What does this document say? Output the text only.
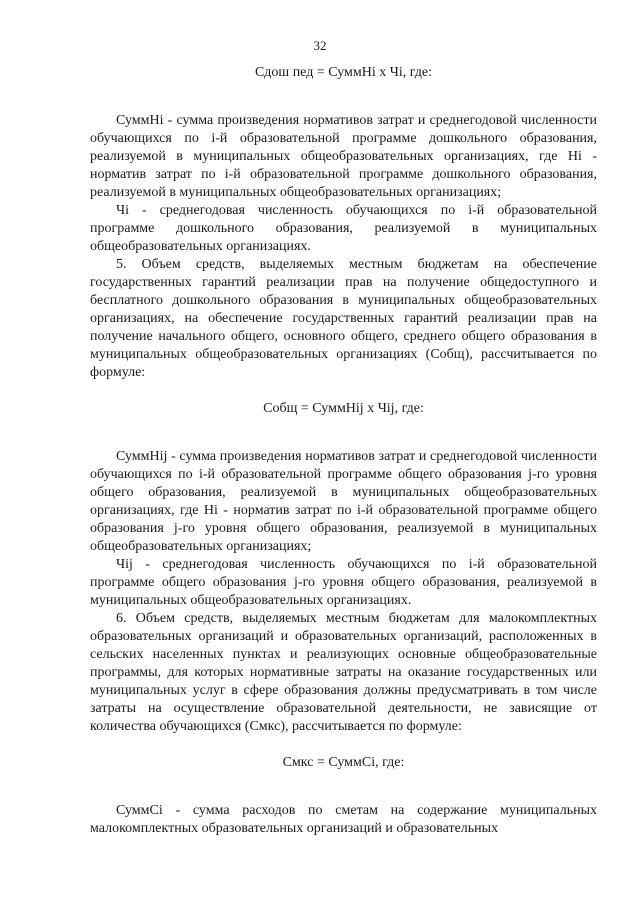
32

Сдош пед = СуммHi x Чi, где:

СуммHi - сумма произведения нормативов затрат и среднегодовой численности обучающихся по i-й образовательной программе дошкольного образования, реализуемой в муниципальных общеобразовательных организациях, где Hi - норматив затрат по i-й образовательной программе дошкольного образования, реализуемой в муниципальных общеобразовательных организациях;

Чi - среднегодовая численность обучающихся по i-й образовательной программе дошкольного образования, реализуемой в муниципальных общеобразовательных организациях.

5. Объем средств, выделяемых местным бюджетам на обеспечение государственных гарантий реализации прав на получение общедоступного и бесплатного дошкольного образования в муниципальных общеобразовательных организациях, на обеспечение государственных гарантий реализации прав на получение начального общего, основного общего, среднего общего образования в муниципальных общеобразовательных организациях (Собщ), рассчитывается по формуле:

Собщ = СуммHij x Чij, где:

СуммHij - сумма произведения нормативов затрат и среднегодовой численности обучающихся по i-й образовательной программе общего образования j-го уровня общего образования, реализуемой в муниципальных общеобразовательных организациях, где Hi - норматив затрат по i-й образовательной программе общего образования j-го уровня общего образования, реализуемой в муниципальных общеобразовательных организациях;

Чij - среднегодовая численность обучающихся по i-й образовательной программе общего образования j-го уровня общего образования, реализуемой в муниципальных общеобразовательных организациях.

6. Объем средств, выделяемых местным бюджетам для малокомплектных образовательных организаций и образовательных организаций, расположенных в сельских населенных пунктах и реализующих основные общеобразовательные программы, для которых нормативные затраты на оказание государственных или муниципальных услуг в сфере образования должны предусматривать в том числе затраты на осуществление образовательной деятельности, не зависящие от количества обучающихся (Смкс), рассчитывается по формуле:

Смкс = СуммCi, где:

СуммCi - сумма расходов по сметам на содержание муниципальных малокомплектных образовательных организаций и образовательных
